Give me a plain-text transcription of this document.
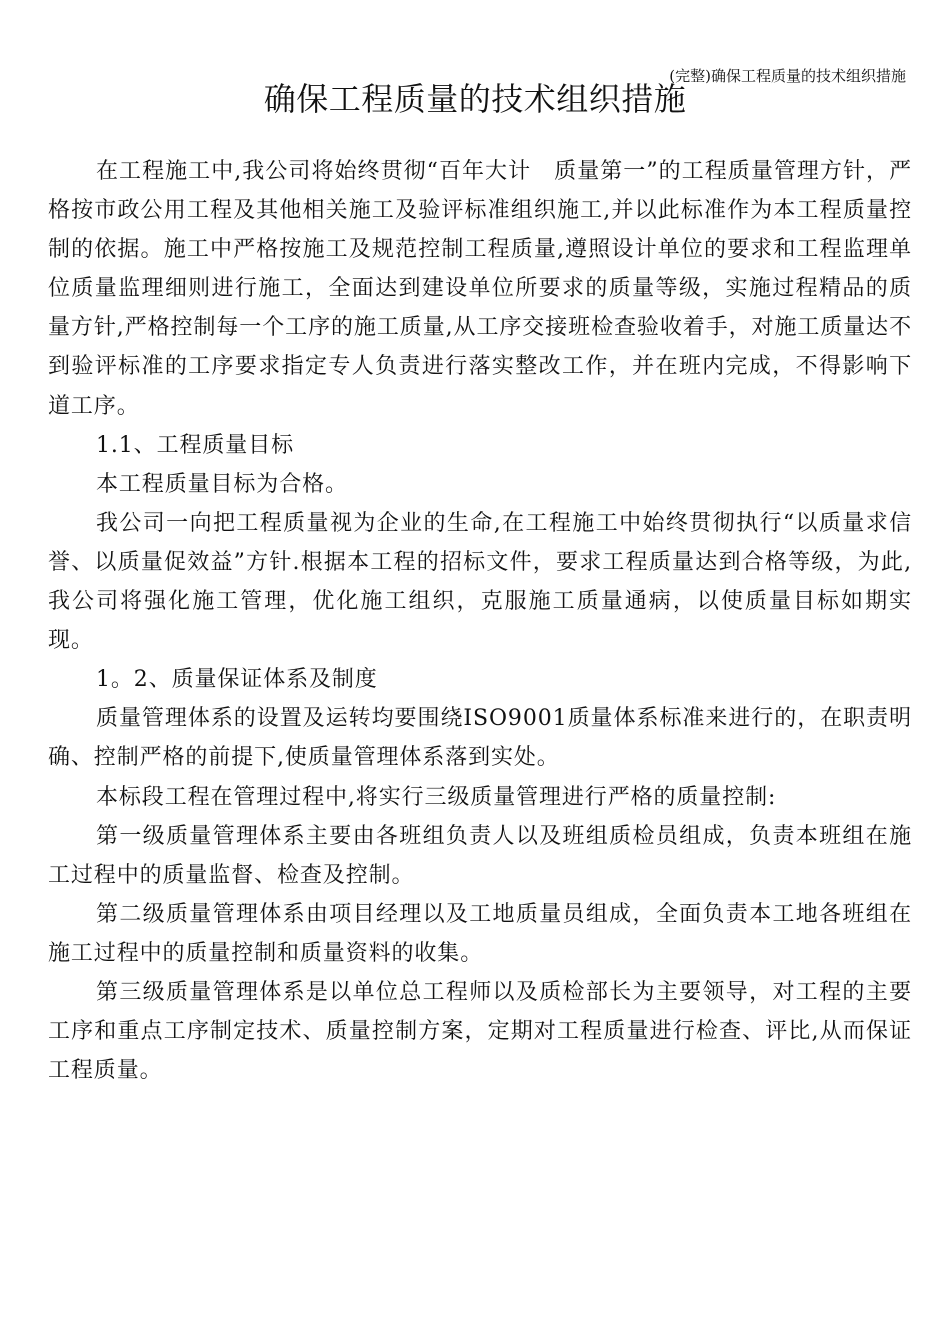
(完整)确保工程质量的技术组织措施
确保工程质量的技术组织措施

在工程施工中,我公司将始终贯彻“百年大计　质量第一”的工程质量管理方针，严格按市政公用工程及其他相关施工及验评标准组织施工,并以此标准作为本工程质量控制的依据。施工中严格按施工及规范控制工程质量,遵照设计单位的要求和工程监理单位质量监理细则进行施工，全面达到建设单位所要求的质量等级，实施过程精品的质量方针,严格控制每一个工序的施工质量,从工序交接班检查验收着手，对施工质量达不到验评标准的工序要求指定专人负责进行落实整改工作，并在班内完成，不得影响下道工序。

1.1、工程质量目标

本工程质量目标为合格。

我公司一向把工程质量视为企业的生命,在工程施工中始终贯彻执行“以质量求信誉、以质量促效益”方针.根据本工程的招标文件，要求工程质量达到合格等级，为此,我公司将强化施工管理，优化施工组织，克服施工质量通病，以使质量目标如期实现。

1。2、质量保证体系及制度

质量管理体系的设置及运转均要围绕ISO9001质量体系标准来进行的，在职责明确、控制严格的前提下,使质量管理体系落到实处。

本标段工程在管理过程中,将实行三级质量管理进行严格的质量控制:

第一级质量管理体系主要由各班组负责人以及班组质检员组成，负责本班组在施工过程中的质量监督、检查及控制。

第二级质量管理体系由项目经理以及工地质量员组成，全面负责本工地各班组在施工过程中的质量控制和质量资料的收集。

第三级质量管理体系是以单位总工程师以及质检部长为主要领导，对工程的主要工序和重点工序制定技术、质量控制方案，定期对工程质量进行检查、评比,从而保证工程质量。
